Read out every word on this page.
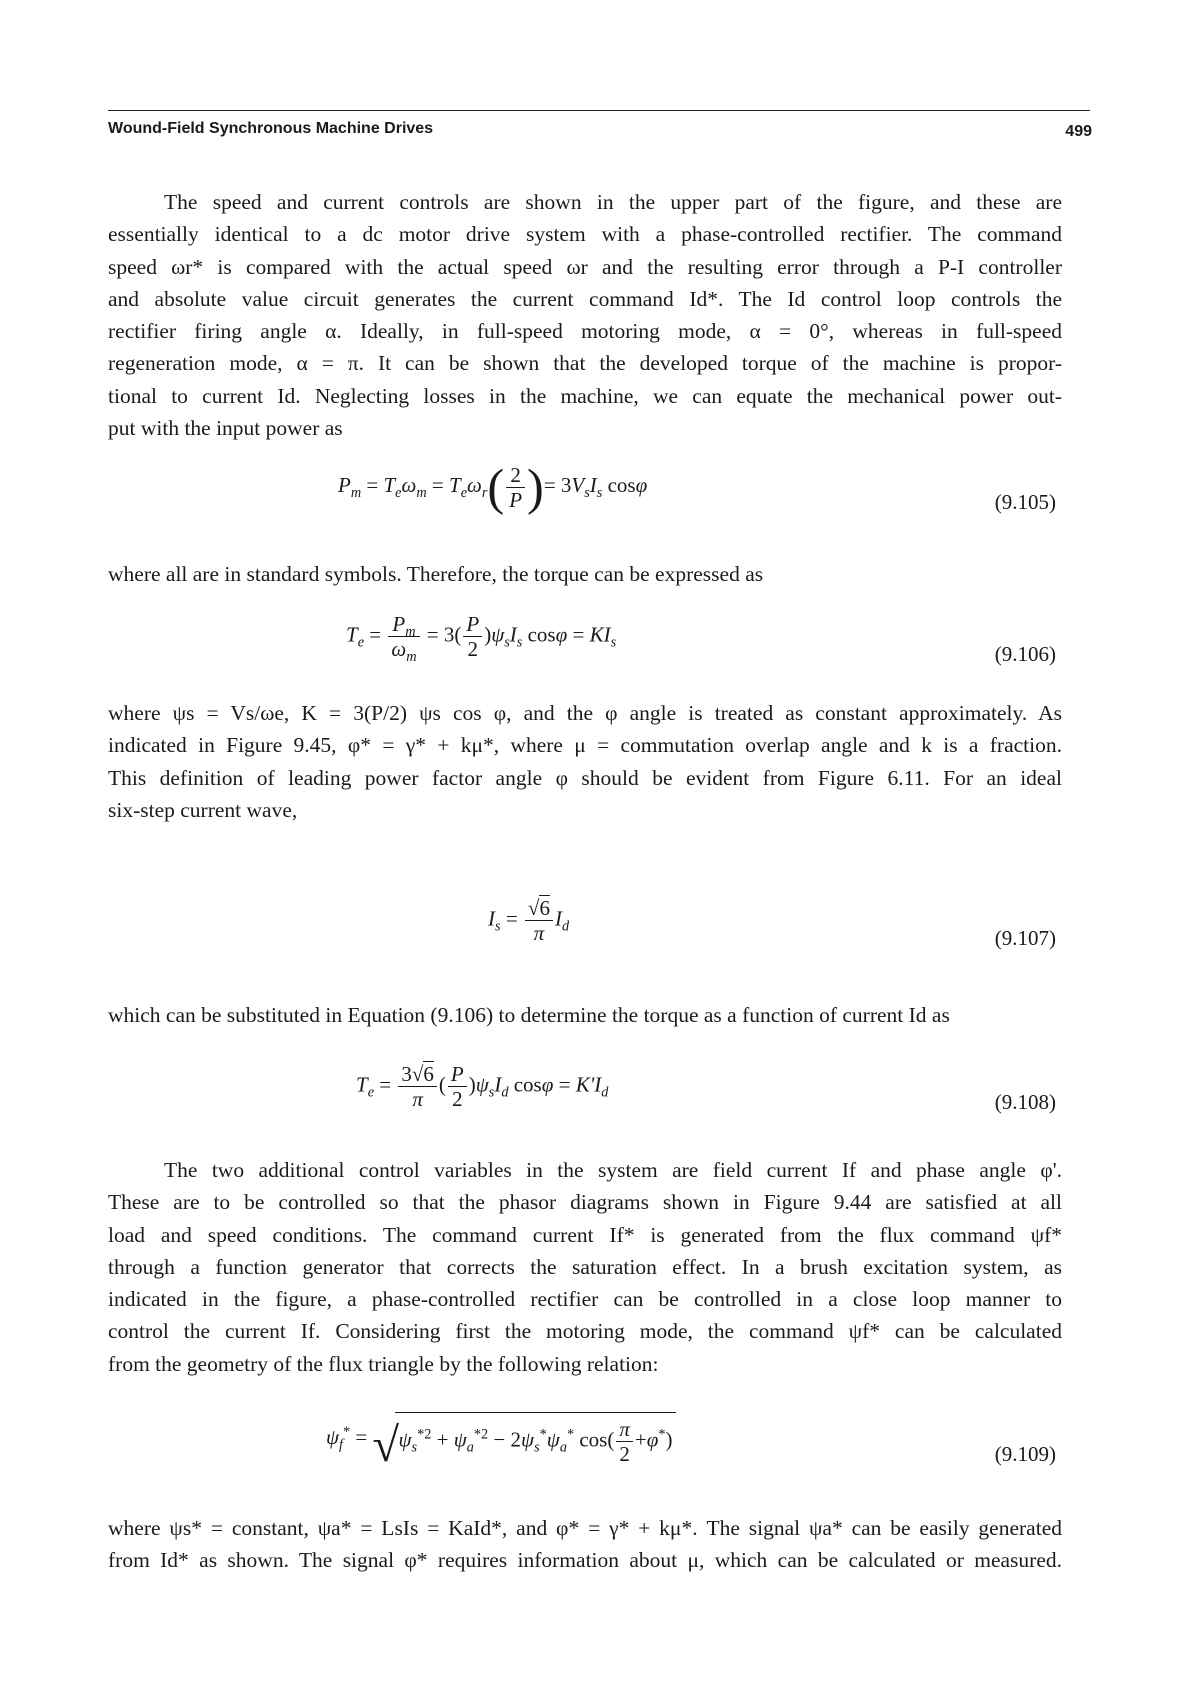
Wound-Field Synchronous Machine Drives	499
The speed and current controls are shown in the upper part of the figure, and these are
essentially identical to a dc motor drive system with a phase-controlled rectifier. The command
speed ωr* is compared with the actual speed ωr and the resulting error through a P-I controller
and absolute value circuit generates the current command Id*. The Id control loop controls the
rectifier firing angle α. Ideally, in full-speed motoring mode, α = 0°, whereas in full-speed
regeneration mode, α = π. It can be shown that the developed torque of the machine is propor-
tional to current Id. Neglecting losses in the machine, we can equate the mechanical power out-
put with the input power as
$P_m = T_e\omega_m = T_e\omega_r( \frac{2}{P}$ )= $3V_sI_s$ cosφ
(9.105)
where all are in standard symbols. Therefore, the torque can be expressed as
$T_e = \frac{P_m}{\omega_m} = 3( \frac{P}{2} )\psi_sI_s$ $\cos\varphi = KI_s$	(9.106)
where ψs = Vs/ωe, K = 3(P/2) ψs cos φ, and the φ angle is treated as constant approximately. As
indicated in Figure 9.45, φ* = γ* + kμ*, where μ = commutation overlap angle and k is a fraction.
This definition of leading power factor angle φ should be evident from Figure 6.11. For an ideal
six-step current wave,
$I_s = \frac{√6}{\pi} I_d$	(9.107)
which can be substituted in Equation (9.106) to determine the torque as a function of current Id as
$T_e = \frac{3√6}{\pi}$ ( $\frac{P}{2} )\psi_sI_d$ $\cos\varphi = K'I_d$	(9.108)
The two additional control variables in the system are field current If and phase angle φ'.
These are to be controlled so that the phasor diagrams shown in Figure 9.44 are satisfied at all
load and speed conditions. The command current If* is generated from the flux command ψf*
through a function generator that corrects the saturation effect. In a brush excitation system, as
indicated in the figure, a phase-controlled rectifier can be controlled in a close loop manner to
control the current If. Considering first the motoring mode, the command ψf* can be calculated
from the geometry of the flux triangle by the following relation:
$\psi_f^*$ = √ $\psi_s^{*2} + \psi_a^{*2} - 2\psi_s^*\psi_a^*$ $\cos( \frac{\pi}{2} +\varphi^*)$
(9.109)
where ψs* = constant, ψa* = LsIs = KaId*, and φ* = γ* + kμ*. The signal ψa* can be easily generated
from Id* as shown. The signal φ* requires information about μ, which can be calculated or measured.
